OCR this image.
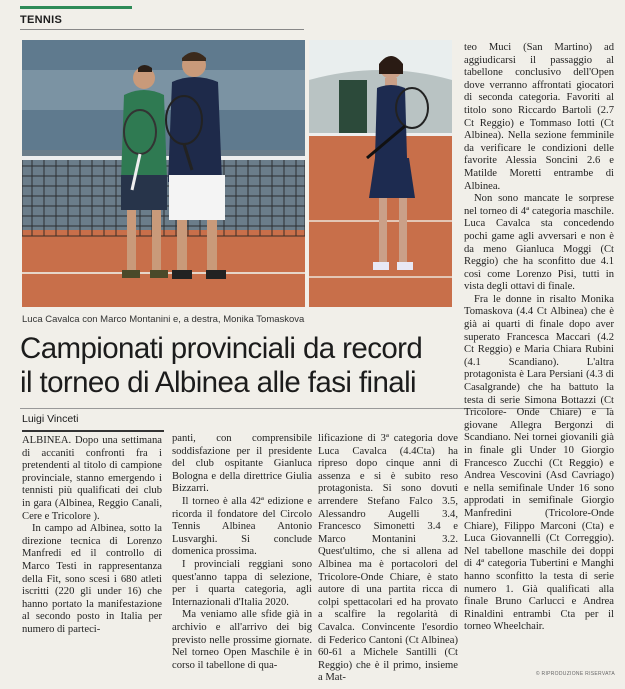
TENNIS
Luca Cavalca con Marco Montanini e, a destra, Monika Tomaskova
Campionati provinciali da record
il torneo di Albinea alle fasi finali
Luigi Vinceti

ALBINEA. Dopo una settimana di accaniti confronti fra i pretendenti al titolo di campione provinciale, stanno emergendo i tennisti più qualificati dei club in gara (Albinea, Reggio Canali, Cere e Tricolore ).

In campo ad Albinea, sotto la direzione tecnica di Lorenzo Manfredi ed il controllo di Marco Testi in rappresentanza della Fit, sono scesi i 680 atleti iscritti (220 gli under 16) che hanno portato la manifestazione al secondo posto in Italia per numero di parteci-

panti, con comprensibile soddisfazione per il presidente del club ospitante Gianluca Bologna e della direttrice Giulia Bizzarri.

Il torneo è alla 42ª edizione e ricorda il fondatore del Circolo Tennis Albinea Antonio Lusvarghi. Si conclude domenica prossima.

I provinciali reggiani sono quest'anno tappa di selezione, per i quarta categoria, agli Internazionali d'Italia 2020.

Ma veniamo alle sfide già in archivio e all'arrivo dei big previsto nelle prossime giornate. Nel torneo Open Maschile è in corso il tabellone di qua-

lificazione di 3ª categoria dove Luca Cavalca (4.4Cta) ha ripreso dopo cinque anni di assenza e si è subito reso protagonista. Si sono dovuti arrendere Stefano Falco 3.5, Alessandro Augelli 3.4, Francesco Simonetti 3.4 e Marco Montanini 3.2. Quest'ultimo, che si allena ad Albinea ma è portacolori del Tricolore-Onde Chiare, è stato autore di una partita ricca di colpi spettacolari ed ha provato a scalfire la regolarità di Cavalca. Convincente l'esordio di Federico Cantoni (Ct Albinea) 60-61 a Michele Santilli (Ct Reggio) che è il primo, insieme a Mat-

teo Muci (San Martino) ad aggiudicarsi il passaggio al tabellone conclusivo dell'Open dove verranno affrontati giocatori di seconda categoria. Favoriti al titolo sono Riccardo Bartoli (2.7 Ct Reggio) e Tommaso Iotti (Ct Albinea). Nella sezione femminile da verificare le condizioni delle favorite Alessia Soncini 2.6 e Matilde Moretti entrambe di Albinea.

Non sono mancate le sorprese nel torneo di 4ª categoria maschile. Luca Cavalca sta concedendo pochi game agli avversari e non è da meno Gianluca Moggi (Ct Reggio) che ha sconfitto due 4.1 così come Lorenzo Pisi, tutti in vista degli ottavi di finale.

Fra le donne in risalto Monika Tomaskova (4.4 Ct Albinea) che è già ai quarti di finale dopo aver superato Francesca Maccari (4.2 Ct Reggio) e Maria Chiara Rubini (4.1 Scandiano). L'altra protagonista è Lara Persiani (4.3 di Casalgrande) che ha battuto la testa di serie Simona Bottazzi (Ct Tricolore- Onde Chiare) e la giovane Allegra Bergonzi di Scandiano. Nei tornei giovanili già in finale gli Under 10 Giorgio Francesco Zucchi (Ct Reggio) e Andrea Vescovini (Asd Cavriago) e nella semifinale Under 16 sono approdati in semifinale Giorgio Manfredini (Tricolore-Onde Chiare), Filippo Marconi (Cta) e Luca Giovannelli (Ct Correggio). Nel tabellone maschile dei doppi di 4ª categoria Tubertini e Manghi hanno sconfitto la testa di serie numero 1. Già qualificati alla finale Bruno Carlucci e Andrea Rinaldini entrambi Cta per il torneo Wheelchair.

© RIPRODUZIONE RISERVATA
